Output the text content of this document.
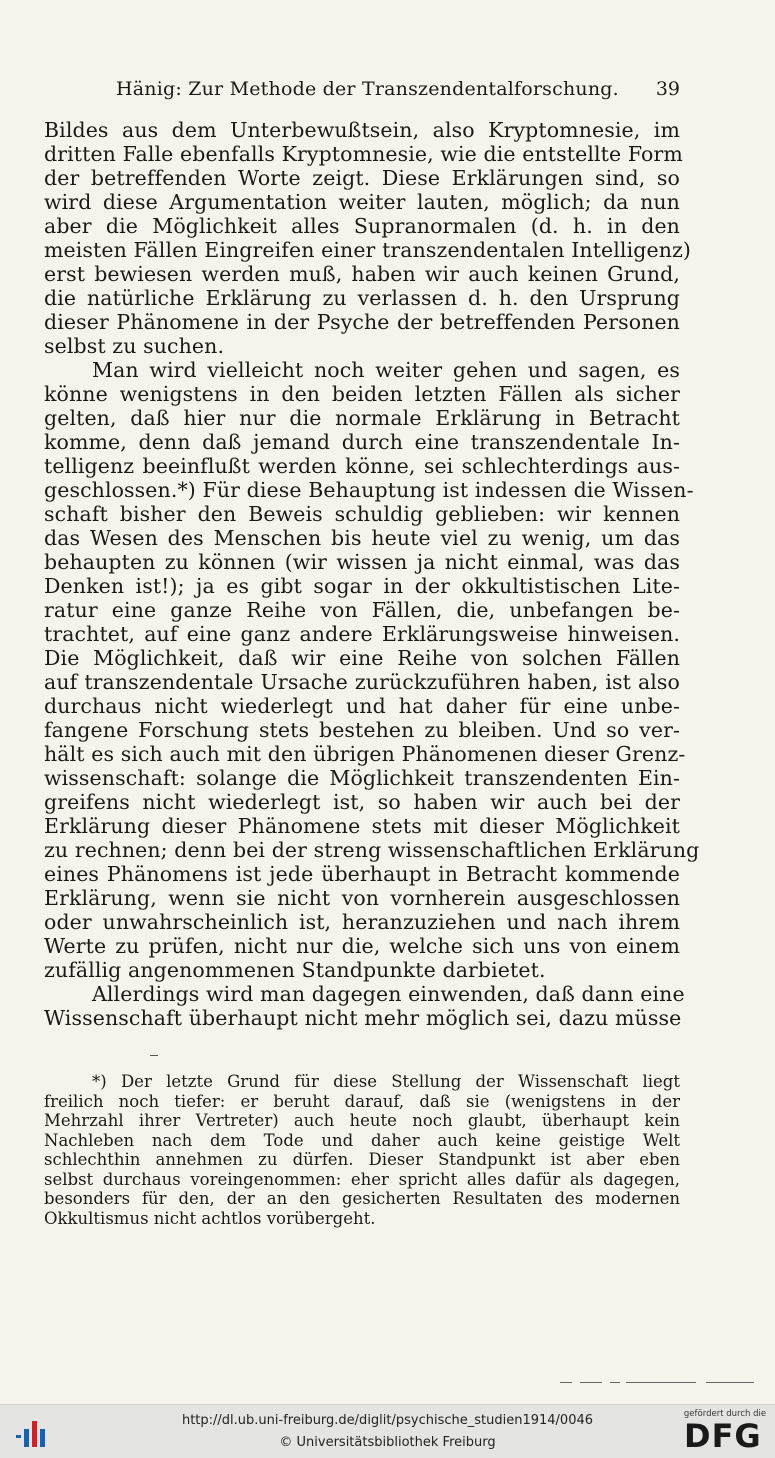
Hänig: Zur Methode der Transzendentalforschung. 39
Bildes aus dem Unterbewußtsein, also Kryptomnesie, im
dritten Falle ebenfalls Kryptomnesie, wie die entstellte Form
der betreffenden Worte zeigt. Diese Erklärungen sind, so
wird diese Argumentation weiter lauten, möglich; da nun
aber die Möglichkeit alles Supranormalen (d. h. in den
meisten Fällen Eingreifen einer transzendentalen Intelligenz)
erst bewiesen werden muß, haben wir auch keinen Grund,
die natürliche Erklärung zu verlassen d. h. den Ursprung
dieser Phänomene in der Psyche der betreffenden Personen
selbst zu suchen.
Man wird vielleicht noch weiter gehen und sagen, es
könne wenigstens in den beiden letzten Fällen als sicher
gelten, daß hier nur die normale Erklärung in Betracht
komme, denn daß jemand durch eine transzendentale In-
telligenz beeinflußt werden könne, sei schlechterdings aus-
geschlossen.*) Für diese Behauptung ist indessen die Wissen-
schaft bisher den Beweis schuldig geblieben: wir kennen
das Wesen des Menschen bis heute viel zu wenig, um das
behaupten zu können (wir wissen ja nicht einmal, was das
Denken ist!); ja es gibt sogar in der okkultistischen Lite-
ratur eine ganze Reihe von Fällen, die, unbefangen be-
trachtet, auf eine ganz andere Erklärungsweise hinweisen.
Die Möglichkeit, daß wir eine Reihe von solchen Fällen
auf transzendentale Ursache zurückzuführen haben, ist also
durchaus nicht wiederlegt und hat daher für eine unbe-
fangene Forschung stets bestehen zu bleiben. Und so ver-
hält es sich auch mit den übrigen Phänomenen dieser Grenz-
wissenschaft: solange die Möglichkeit transzendenten Ein-
greifens nicht wiederlegt ist, so haben wir auch bei der
Erklärung dieser Phänomene stets mit dieser Möglichkeit
zu rechnen; denn bei der streng wissenschaftlichen Erklärung
eines Phänomens ist jede überhaupt in Betracht kommende
Erklärung, wenn sie nicht von vornherein ausgeschlossen
oder unwahrscheinlich ist, heranzuziehen und nach ihrem
Werte zu prüfen, nicht nur die, welche sich uns von einem
zufällig angenommenen Standpunkte darbietet.
Allerdings wird man dagegen einwenden, daß dann eine
Wissenschaft überhaupt nicht mehr möglich sei, dazu müsse
*) Der letzte Grund für diese Stellung der Wissenschaft liegt
freilich noch tiefer: er beruht darauf, daß sie (wenigstens in der
Mehrzahl ihrer Vertreter) auch heute noch glaubt, überhaupt kein
Nachleben nach dem Tode und daher auch keine geistige Welt
schlechthin annehmen zu dürfen. Dieser Standpunkt ist aber eben
selbst durchaus voreingenommen: eher spricht alles dafür als dagegen,
besonders für den, der an den gesicherten Resultaten des modernen
Okkultismus nicht achtlos vorübergeht.
http://dl.ub.uni-freiburg.de/diglit/psychische_studien1914/0046
© Universitätsbibliothek Freiburg
gefördert durch die
DFG
